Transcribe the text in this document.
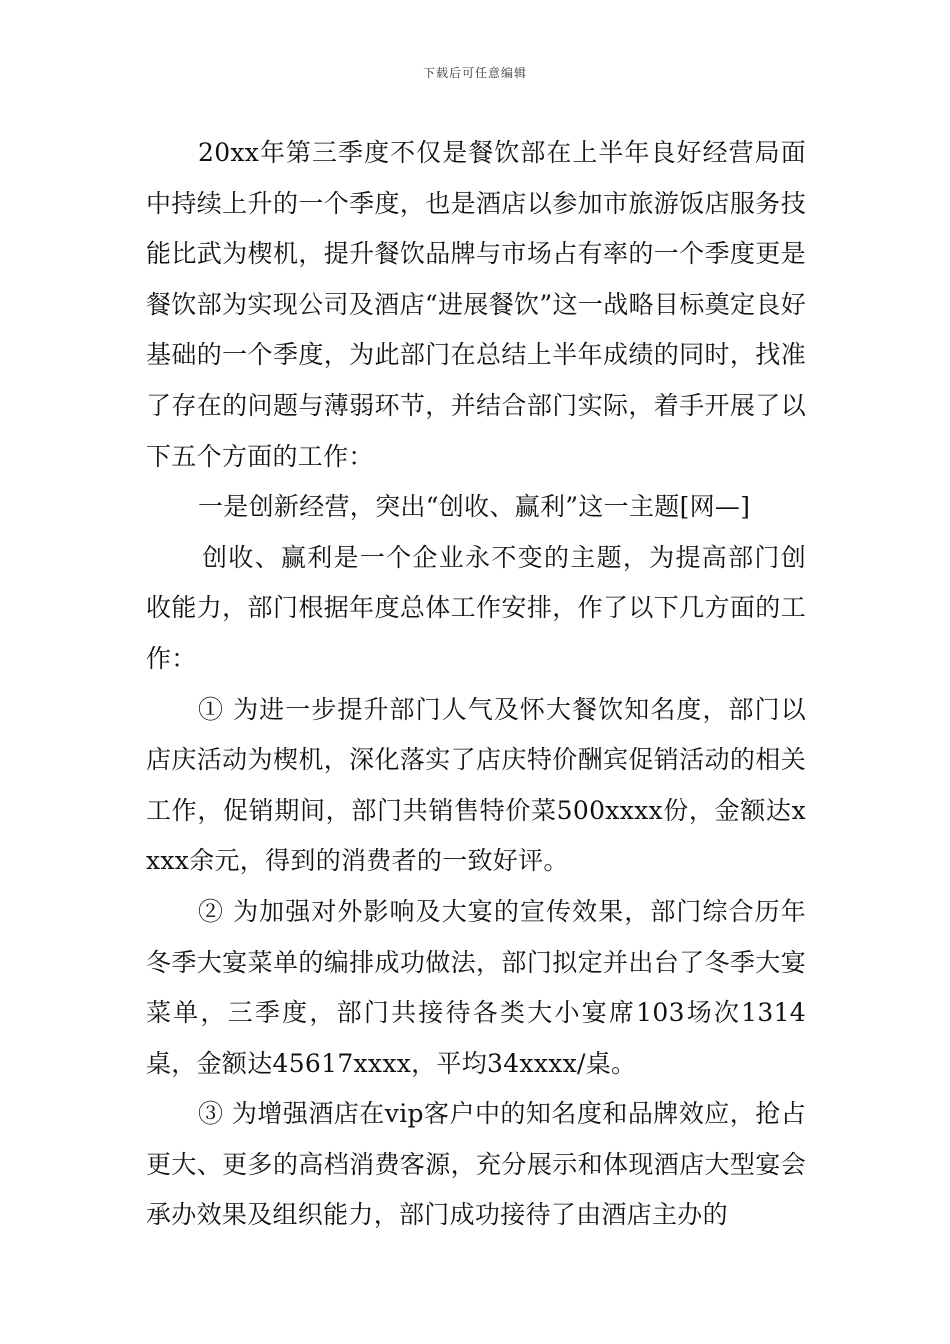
下载后可任意编辑

20xx年第三季度不仅是餐饮部在上半年良好经营局面中持续上升的一个季度，也是酒店以参加市旅游饭店服务技能比武为楔机，提升餐饮品牌与市场占有率的一个季度更是餐饮部为实现公司及酒店“进展餐饮”这一战略目标奠定良好基础的一个季度，为此部门在总结上半年成绩的同时，找准了存在的问题与薄弱环节，并结合部门实际，着手开展了以下五个方面的工作：

一是创新经营，突出“创收、赢利”这一主题[网—]

创收、赢利是一个企业永不变的主题，为提高部门创收能力，部门根据年度总体工作安排，作了以下几方面的工作：

① 为进一步提升部门人气及怀大餐饮知名度，部门以店庆活动为楔机，深化落实了店庆特价酬宾促销活动的相关工作，促销期间，部门共销售特价菜500xxxx份，金额达xxxx余元，得到的消费者的一致好评。

② 为加强对外影响及大宴的宣传效果，部门综合历年冬季大宴菜单的编排成功做法，部门拟定并出台了冬季大宴菜单，三季度，部门共接待各类大小宴席103场次1314桌，金额达45617xxxx，平均34xxxx/桌。

③ 为增强酒店在vip客户中的知名度和品牌效应，抢占更大、更多的高档消费客源，充分展示和体现酒店大型宴会承办效果及组织能力，部门成功接待了由酒店主办的
